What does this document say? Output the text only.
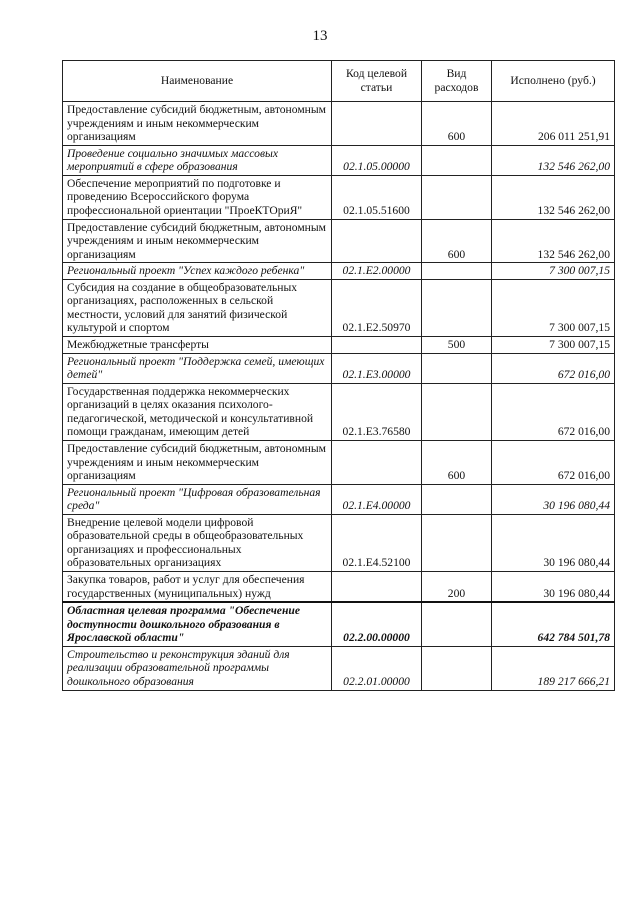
13
Наименование	Код целевой статьи	Вид расходов	Исполнено (руб.)
Предоставление субсидий бюджетным, автономным учреждениям и иным некоммерческим организациям		600	206 011 251,91
Проведение социально значимых массовых мероприятий в сфере образования	02.1.05.00000		132 546 262,00
Обеспечение мероприятий по подготовке и проведению Всероссийского форума профессиональной ориентации "ПроеКТОриЯ"	02.1.05.51600		132 546 262,00
Предоставление субсидий бюджетным, автономным учреждениям и иным некоммерческим организациям		600	132 546 262,00
Региональный проект "Успех каждого ребенка"	02.1.E2.00000		7 300 007,15
Субсидия на создание в общеобразовательных организациях, расположенных в сельской местности, условий для занятий физической культурой и спортом	02.1.E2.50970		7 300 007,15
Межбюджетные трансферты		500	7 300 007,15
Региональный проект "Поддержка семей, имеющих детей"	02.1.E3.00000		672 016,00
Государственная поддержка некоммерческих организаций в целях оказания психолого-педагогической, методической и консультативной помощи гражданам, имеющим детей	02.1.E3.76580		672 016,00
Предоставление субсидий бюджетным, автономным учреждениям и иным некоммерческим организациям		600	672 016,00
Региональный проект "Цифровая образовательная среда"	02.1.E4.00000		30 196 080,44
Внедрение целевой модели цифровой образовательной среды в общеобразовательных организациях и профессиональных образовательных организациях	02.1.E4.52100		30 196 080,44
Закупка товаров, работ и услуг для обеспечения государственных (муниципальных) нужд		200	30 196 080,44
Областная целевая программа "Обеспечение доступности дошкольного образования в Ярославской области"	02.2.00.00000		642 784 501,78
Строительство и реконструкция зданий для реализации образовательной программы дошкольного образования	02.2.01.00000		189 217 666,21
